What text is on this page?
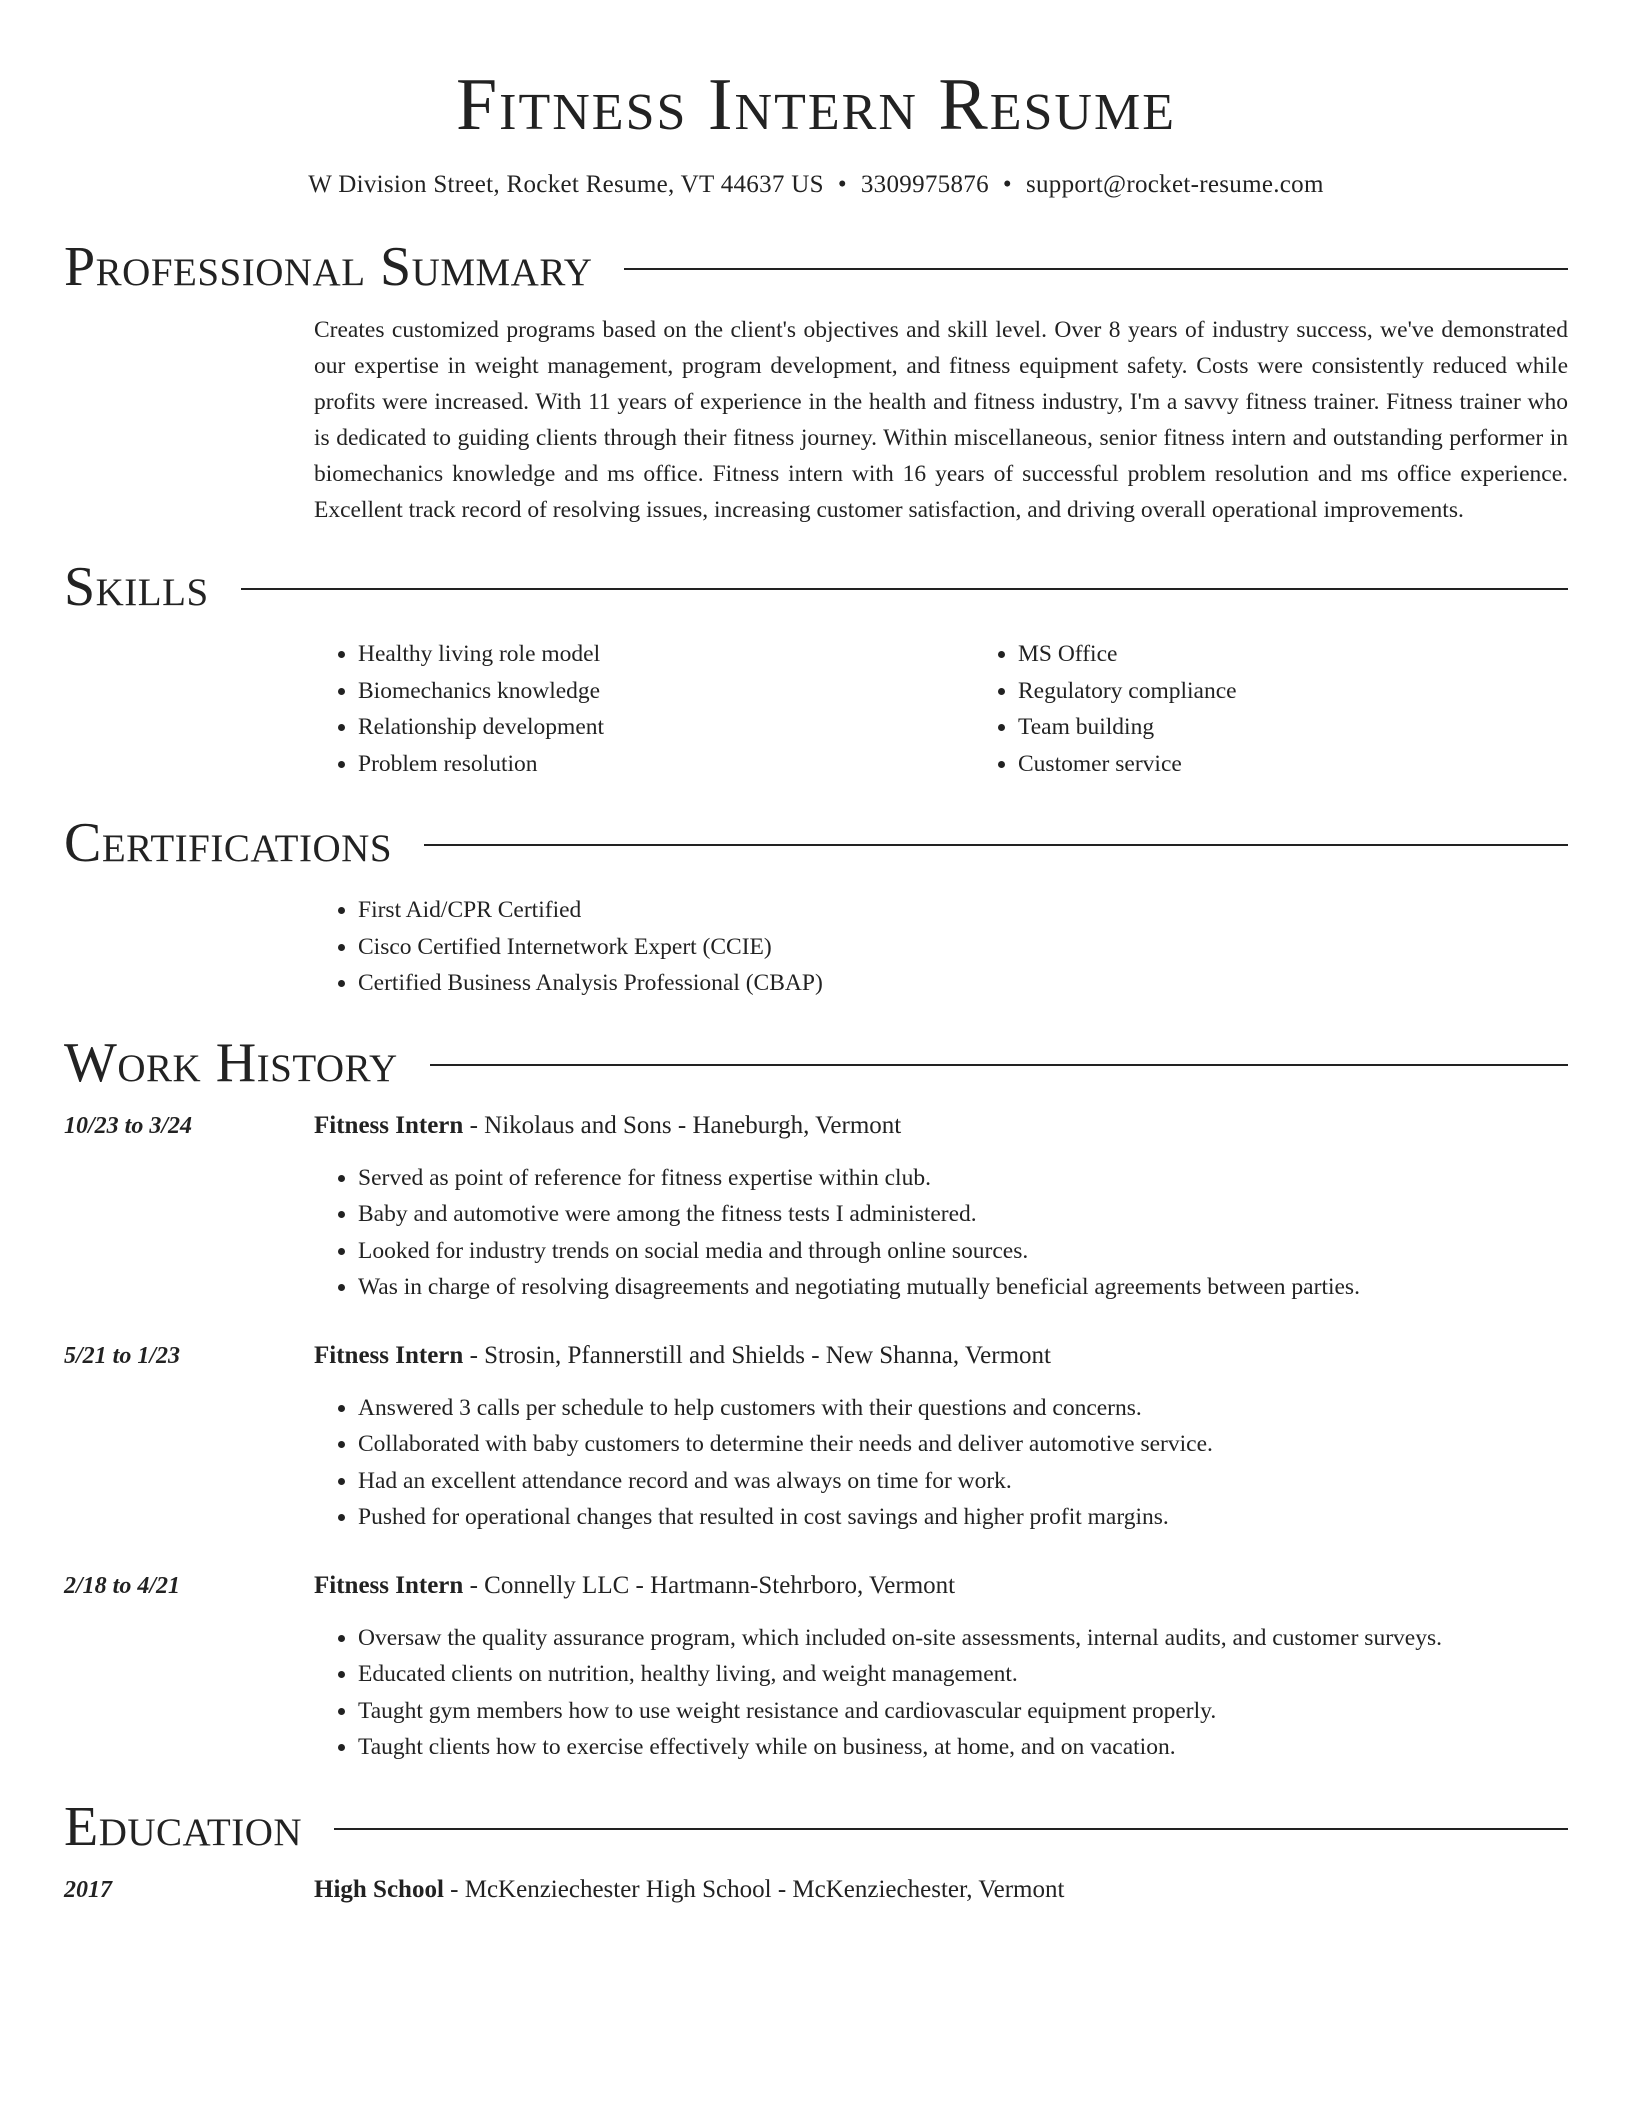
Fitness Intern Resume
W Division Street, Rocket Resume, VT 44637 US • 3309975876 • support@rocket-resume.com
Professional Summary

Creates customized programs based on the client's objectives and skill level. Over 8 years of industry success, we've demonstrated our expertise in weight management, program development, and fitness equipment safety. Costs were consistently reduced while profits were increased. With 11 years of experience in the health and fitness industry, I'm a savvy fitness trainer. Fitness trainer who is dedicated to guiding clients through their fitness journey. Within miscellaneous, senior fitness intern and outstanding performer in biomechanics knowledge and ms office. Fitness intern with 16 years of successful problem resolution and ms office experience. Excellent track record of resolving issues, increasing customer satisfaction, and driving overall operational improvements.

Skills
• Healthy living role model
• Biomechanics knowledge
• Relationship development
• Problem resolution
• MS Office
• Regulatory compliance
• Team building
• Customer service
Certifications
• First Aid/CPR Certified
• Cisco Certified Internetwork Expert (CCIE)
• Certified Business Analysis Professional (CBAP)
Work History
10/23 to 3/24	Fitness Intern - Nikolaus and Sons - Haneburgh, Vermont
• Served as point of reference for fitness expertise within club.
• Baby and automotive were among the fitness tests I administered.
• Looked for industry trends on social media and through online sources.
• Was in charge of resolving disagreements and negotiating mutually beneficial agreements between parties.
5/21 to 1/23	Fitness Intern - Strosin, Pfannerstill and Shields - New Shanna, Vermont
• Answered 3 calls per schedule to help customers with their questions and concerns.
• Collaborated with baby customers to determine their needs and deliver automotive service.
• Had an excellent attendance record and was always on time for work.
• Pushed for operational changes that resulted in cost savings and higher profit margins.
2/18 to 4/21	Fitness Intern - Connelly LLC - Hartmann-Stehrboro, Vermont
• Oversaw the quality assurance program, which included on-site assessments, internal audits, and customer surveys.
• Educated clients on nutrition, healthy living, and weight management.
• Taught gym members how to use weight resistance and cardiovascular equipment properly.
• Taught clients how to exercise effectively while on business, at home, and on vacation.
Education
2017	High School - McKenziechester High School - McKenziechester, Vermont
